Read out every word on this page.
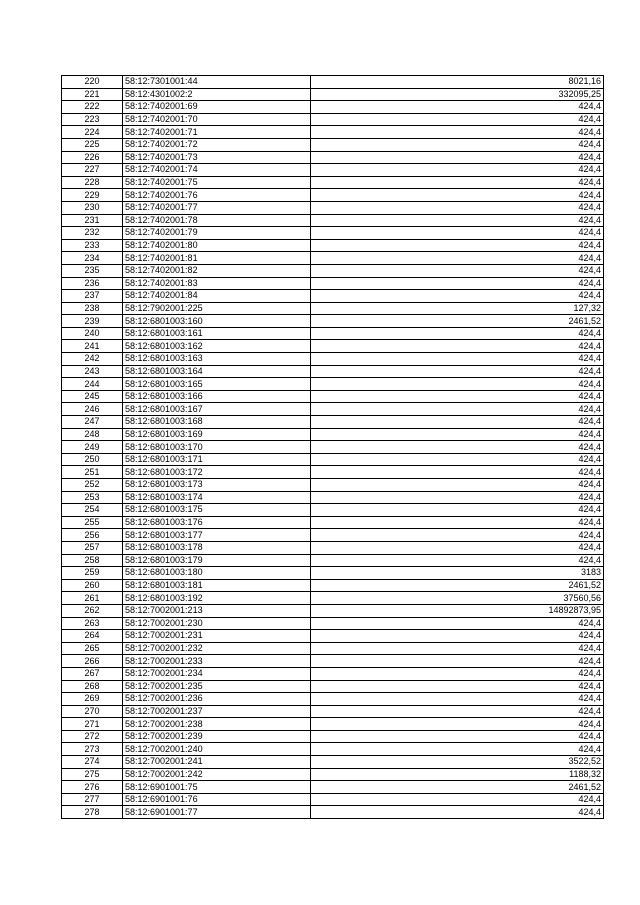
220	58:12:7301001:44	8021,16
221	58:12:4301002:2	332095,25
222	58:12:7402001:69	424,4
223	58:12:7402001:70	424,4
224	58:12:7402001:71	424,4
225	58:12:7402001:72	424,4
226	58:12:7402001:73	424,4
227	58:12:7402001:74	424,4
228	58:12:7402001:75	424,4
229	58:12:7402001:76	424,4
230	58:12:7402001:77	424,4
231	58:12:7402001:78	424,4
232	58:12:7402001:79	424,4
233	58:12:7402001:80	424,4
234	58:12:7402001:81	424,4
235	58:12:7402001:82	424,4
236	58:12:7402001:83	424,4
237	58:12:7402001:84	424,4
238	58:12:7902001:225	127,32
239	58:12:6801003:160	2461,52
240	58:12:6801003:161	424,4
241	58:12:6801003:162	424,4
242	58:12:6801003:163	424,4
243	58:12:6801003:164	424,4
244	58:12:6801003:165	424,4
245	58:12:6801003:166	424,4
246	58:12:6801003:167	424,4
247	58:12:6801003:168	424,4
248	58:12:6801003:169	424,4
249	58:12:6801003:170	424,4
250	58:12:6801003:171	424,4
251	58:12:6801003:172	424,4
252	58:12:6801003:173	424,4
253	58:12:6801003:174	424,4
254	58:12:6801003:175	424,4
255	58:12:6801003:176	424,4
256	58:12:6801003:177	424,4
257	58:12:6801003:178	424,4
258	58:12:6801003:179	424,4
259	58:12:6801003:180	3183
260	58:12:6801003:181	2461,52
261	58:12:6801003:192	37560,56
262	58:12:7002001:213	14892873,95
263	58:12:7002001:230	424,4
264	58:12:7002001:231	424,4
265	58:12:7002001:232	424,4
266	58:12:7002001:233	424,4
267	58:12:7002001:234	424,4
268	58:12:7002001:235	424,4
269	58:12:7002001:236	424,4
270	58:12:7002001:237	424,4
271	58:12:7002001:238	424,4
272	58:12:7002001:239	424,4
273	58:12:7002001:240	424,4
274	58:12:7002001:241	3522,52
275	58:12:7002001:242	1188,32
276	58:12:6901001:75	2461,52
277	58:12:6901001:76	424,4
278	58:12:6901001:77	424,4
